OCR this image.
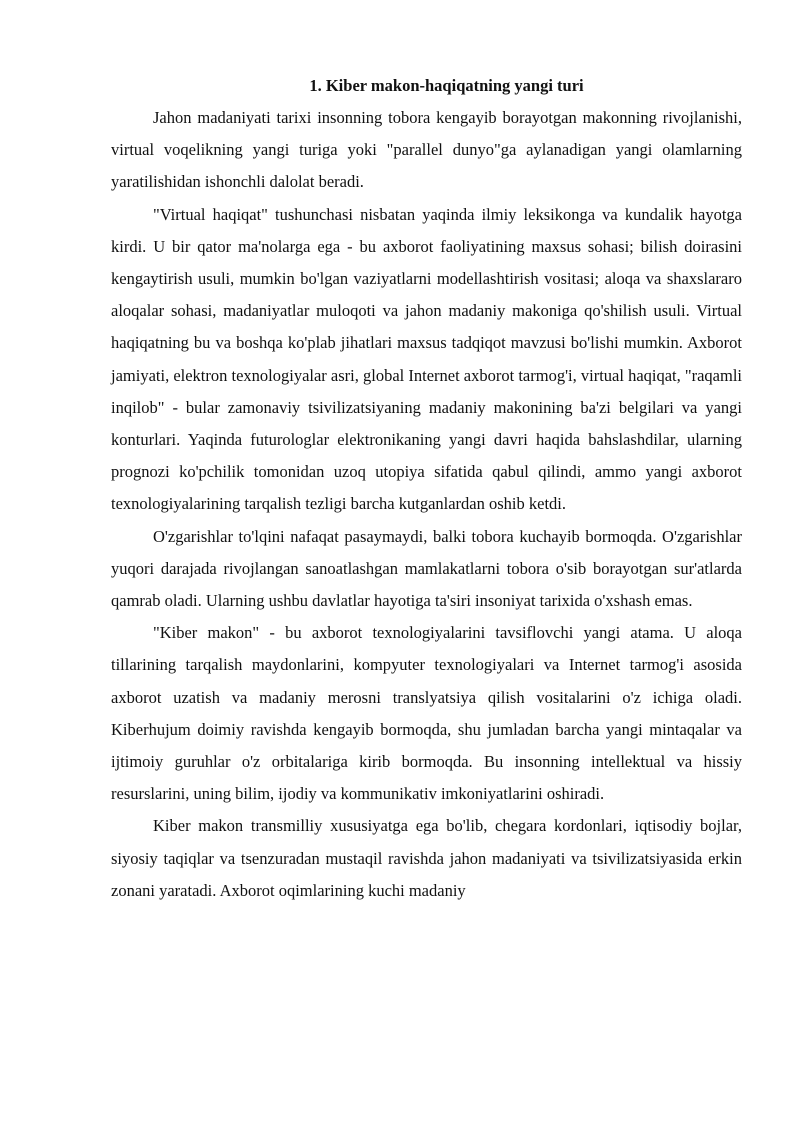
1. Kiber makon-haqiqatning yangi turi

Jahon madaniyati tarixi insonning tobora kengayib borayotgan makonning rivojlanishi, virtual voqelikning yangi turiga yoki "parallel dunyo"ga aylanadigan yangi olamlarning yaratilishidan ishonchli dalolat beradi.

"Virtual haqiqat" tushunchasi nisbatan yaqinda ilmiy leksikonga va kundalik hayotga kirdi. U bir qator ma'nolarga ega - bu axborot faoliyatining maxsus sohasi; bilish doirasini kengaytirish usuli, mumkin bo'lgan vaziyatlarni modellashtirish vositasi; aloqa va shaxslararo aloqalar sohasi, madaniyatlar muloqoti va jahon madaniy makoniga qo'shilish usuli. Virtual haqiqatning bu va boshqa ko'plab jihatlari maxsus tadqiqot mavzusi bo'lishi mumkin. Axborot jamiyati, elektron texnologiyalar asri, global Internet axborot tarmog'i, virtual haqiqat, "raqamli inqilob" - bular zamonaviy tsivilizatsiyaning madaniy makonining ba'zi belgilari va yangi konturlari. Yaqinda futurologlar elektronikaning yangi davri haqida bahslashdilar, ularning prognozi ko'pchilik tomonidan uzoq utopiya sifatida qabul qilindi, ammo yangi axborot texnologiyalarining tarqalish tezligi barcha kutganlardan oshib ketdi.

O'zgarishlar to'lqini nafaqat pasaymaydi, balki tobora kuchayib bormoqda. O'zgarishlar yuqori darajada rivojlangan sanoatlashgan mamlakatlarni tobora o'sib borayotgan sur'atlarda qamrab oladi. Ularning ushbu davlatlar hayotiga ta'siri insoniyat tarixida o'xshash emas.

"Kiber makon" - bu axborot texnologiyalarini tavsiflovchi yangi atama. U aloqa tillarining tarqalish maydonlarini, kompyuter texnologiyalari va Internet tarmog'i asosida axborot uzatish va madaniy merosni translyatsiya qilish vositalarini o'z ichiga oladi. Kiberhujum doimiy ravishda kengayib bormoqda, shu jumladan barcha yangi mintaqalar va ijtimoiy guruhlar o'z orbitalariga kirib bormoqda. Bu insonning intellektual va hissiy resurslarini, uning bilim, ijodiy va kommunikativ imkoniyatlarini oshiradi.

Kiber makon transmilliy xususiyatga ega bo'lib, chegara kordonlari, iqtisodiy bojlar, siyosiy taqiqlar va tsenzuradan mustaqil ravishda jahon madaniyati va tsivilizatsiyasida erkin zonani yaratadi. Axborot oqimlarining kuchi madaniy
